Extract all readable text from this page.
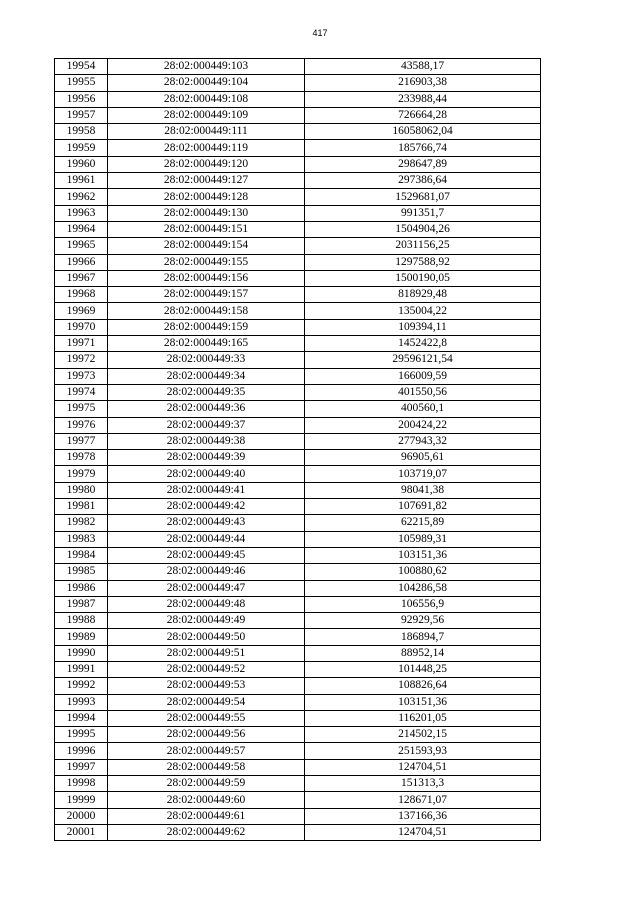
417
19954	28:02:000449:103	43588,17
19955	28:02:000449:104	216903,38
19956	28:02:000449:108	233988,44
19957	28:02:000449:109	726664,28
19958	28:02:000449:111	16058062,04
19959	28:02:000449:119	185766,74
19960	28:02:000449:120	298647,89
19961	28:02:000449:127	297386,64
19962	28:02:000449:128	1529681,07
19963	28:02:000449:130	991351,7
19964	28:02:000449:151	1504904,26
19965	28:02:000449:154	2031156,25
19966	28:02:000449:155	1297588,92
19967	28:02:000449:156	1500190,05
19968	28:02:000449:157	818929,48
19969	28:02:000449:158	135004,22
19970	28:02:000449:159	109394,11
19971	28:02:000449:165	1452422,8
19972	28:02:000449:33	29596121,54
19973	28:02:000449:34	166009,59
19974	28:02:000449:35	401550,56
19975	28:02:000449:36	400560,1
19976	28:02:000449:37	200424,22
19977	28:02:000449:38	277943,32
19978	28:02:000449:39	96905,61
19979	28:02:000449:40	103719,07
19980	28:02:000449:41	98041,38
19981	28:02:000449:42	107691,82
19982	28:02:000449:43	62215,89
19983	28:02:000449:44	105989,31
19984	28:02:000449:45	103151,36
19985	28:02:000449:46	100880,62
19986	28:02:000449:47	104286,58
19987	28:02:000449:48	106556,9
19988	28:02:000449:49	92929,56
19989	28:02:000449:50	186894,7
19990	28:02:000449:51	88952,14
19991	28:02:000449:52	101448,25
19992	28:02:000449:53	108826,64
19993	28:02:000449:54	103151,36
19994	28:02:000449:55	116201,05
19995	28:02:000449:56	214502,15
19996	28:02:000449:57	251593,93
19997	28:02:000449:58	124704,51
19998	28:02:000449:59	151313,3
19999	28:02:000449:60	128671,07
20000	28:02:000449:61	137166,36
20001	28:02:000449:62	124704,51
